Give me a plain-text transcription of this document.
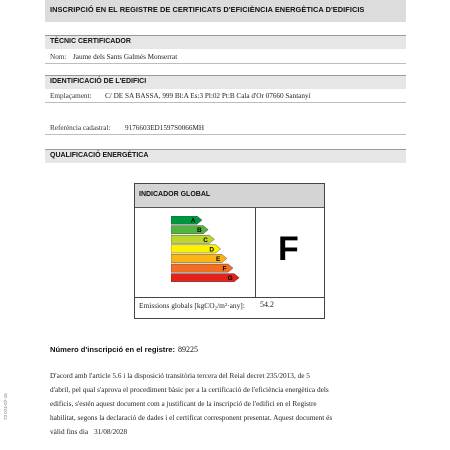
INSCRIPCIÓ EN EL REGISTRE DE CERTIFICATS D'EFICIÈNCIA ENERGÈTICA D'EDIFICIS
TÈCNIC CERTIFICADOR
Nom: Jaume dels Sants Galmés Monserrat
IDENTIFICACIÓ DE L'EDIFICI
Emplaçament: C/ DE SA BASSA, 999 Bl:A Es:3 Pl:02 Pt:B Cala d'Or 07660 Santanyí
Referència cadastral: 9176603ED1597S0066MH
QUALIFICACIÓ ENERGÈTICA
INDICADOR GLOBAL
A
B
C
D
E
F
G
F
Emissions globals [kgCO₂/m²·any]: 54.2
Número d'inscripció en el registre: 89225
D'acord amb l'article 5.6 i la disposició transitòria tercera del Reial decret 235/2013, de 5
d'abril, pel qual s'aprova el procediment bàsic per a la certificació de l'eficiència energètica dels
edificis, s'estén aquest document com a justificant de la inscripció de l'edifici en el Registre
habilitat, segons la declaració de dades i el certificat corresponent presentat. Aquest document és
vàlid fins dia 31/08/2028
73 074-07-16
